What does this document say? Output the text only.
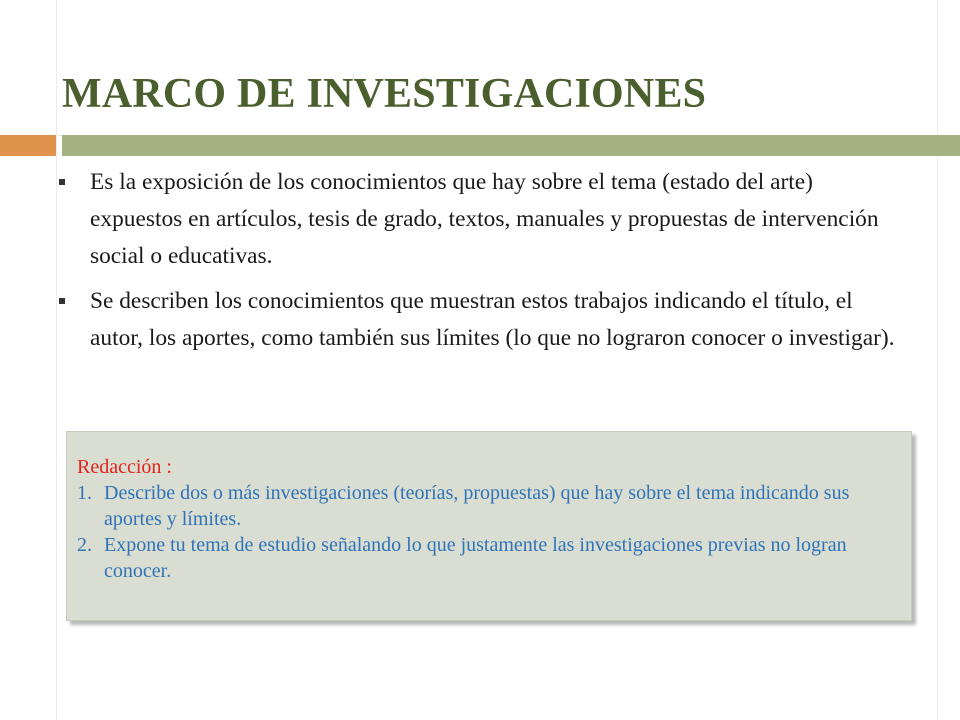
MARCO DE INVESTIGACIONES
Es la exposición de los conocimientos que hay sobre el tema (estado del arte) expuestos en artículos, tesis de grado, textos, manuales y propuestas de intervención social o educativas.
Se describen los conocimientos que muestran estos trabajos indicando el título, el autor, los aportes, como también sus límites (lo que no lograron conocer o investigar).
Redacción :
1. Describe dos o más investigaciones (teorías, propuestas) que hay sobre el tema indicando sus aportes y límites.
2. Expone tu tema de estudio señalando lo que justamente las investigaciones previas no logran conocer.
